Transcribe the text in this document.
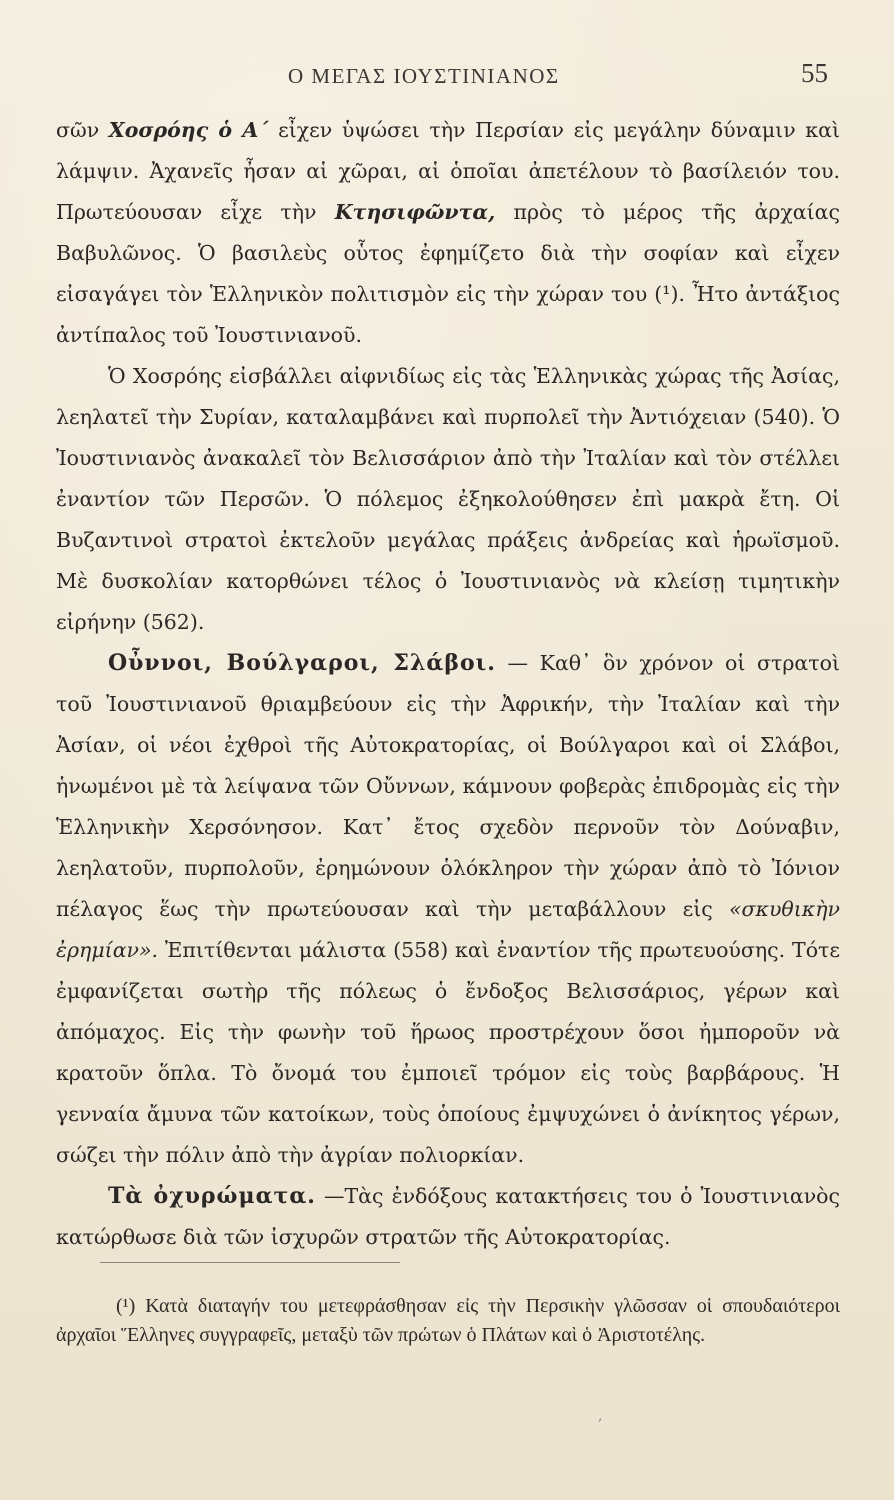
Ο ΜΕΓΑΣ ΙΟΥΣΤΙΝΙΑΝΟΣ	55

σῶν Χοσρόης ὁ Α΄ εἶχεν ὑψώσει τὴν Περσίαν εἰς μεγάλην δύναμιν καὶ λάμψιν. Ἀχανεῖς ἦσαν αἱ χῶραι, αἱ ὁποῖαι ἀπετέλουν τὸ βασίλειόν του. Πρωτεύουσαν εἶχε τὴν Κτησιφῶντα, πρὸς τὸ μέρος τῆς ἀρχαίας Βαβυλῶνος. Ὁ βασιλεὺς οὗτος ἐφημίζετο διὰ τὴν σοφίαν καὶ εἶχεν εἰσαγάγει τὸν Ἑλληνικὸν πολιτισμὸν εἰς τὴν χώραν του (¹). Ἦτο ἀντάξιος ἀντίπαλος τοῦ Ἰουστινιανοῦ.

Ὁ Χοσρόης εἰσβάλλει αἰφνιδίως εἰς τὰς Ἑλληνικὰς χώρας τῆς Ἀσίας, λεηλατεῖ τὴν Συρίαν, καταλαμβάνει καὶ πυρπολεῖ τὴν Ἀντιόχειαν (540). Ὁ Ἰουστινιανὸς ἀνακαλεῖ τὸν Βελισσάριον ἀπὸ τὴν Ἰταλίαν καὶ τὸν στέλλει ἐναντίον τῶν Περσῶν. Ὁ πόλεμος ἐξηκολούθησεν ἐπὶ μακρὰ ἔτη. Οἱ Βυζαντινοὶ στρατοὶ ἐκτελοῦν μεγάλας πράξεις ἀνδρείας καὶ ἡρωϊσμοῦ. Μὲ δυσκολίαν κατορθώνει τέλος ὁ Ἰουστινιανὸς νὰ κλείσῃ τιμητικὴν εἰρήνην (562).

Οὖννοι, Βούλγαροι, Σλάβοι. — Καθ᾽ ὃν χρόνον οἱ στρατοὶ τοῦ Ἰουστινιανοῦ θριαμβεύουν εἰς τὴν Ἀφρικήν, τὴν Ἰταλίαν καὶ τὴν Ἀσίαν, οἱ νέοι ἐχθροὶ τῆς Αὐτοκρατορίας, οἱ Βούλγαροι καὶ οἱ Σλάβοι, ἡνωμένοι μὲ τὰ λείψανα τῶν Οὔννων, κάμνουν φοβερὰς ἐπιδρομὰς εἰς τὴν Ἑλληνικὴν Χερσόνησον. Κατ᾽ ἔτος σχεδὸν περνοῦν τὸν Δούναβιν, λεηλατοῦν, πυρπολοῦν, ἐρημώνουν ὁλόκληρον τὴν χώραν ἀπὸ τὸ Ἰόνιον πέλαγος ἕως τὴν πρωτεύουσαν καὶ τὴν μεταβάλλουν εἰς «σκυθικὴν ἐρημίαν». Ἐπιτίθενται μάλιστα (558) καὶ ἐναντίον τῆς πρωτευούσης. Τότε ἐμφανίζεται σωτὴρ τῆς πόλεως ὁ ἔνδοξος Βελισσάριος, γέρων καὶ ἀπόμαχος. Εἰς τὴν φωνὴν τοῦ ἥρωος προστρέχουν ὅσοι ἠμποροῦν νὰ κρατοῦν ὅπλα. Τὸ ὄνομά του ἐμποιεῖ τρόμον εἰς τοὺς βαρβάρους. Ἡ γενναία ἄμυνα τῶν κατοίκων, τοὺς ὁποίους ἐμψυχώνει ὁ ἀνίκητος γέρων, σώζει τὴν πόλιν ἀπὸ τὴν ἀγρίαν πολιορκίαν.

Τὰ ὀχυρώματα. —Τὰς ἐνδόξους κατακτήσεις του ὁ Ἰουστινιανὸς κατώρθωσε διὰ τῶν ἰσχυρῶν στρατῶν τῆς Αὐτοκρατορίας.

(¹) Κατὰ διαταγήν του μετεφράσθησαν εἰς τὴν Περσικὴν γλῶσσαν οἱ σπουδαιότεροι ἀρχαῖοι Ἕλληνες συγγραφεῖς, μεταξὺ τῶν πρώτων ὁ Πλάτων καὶ ὁ Ἀριστοτέλης.

,
